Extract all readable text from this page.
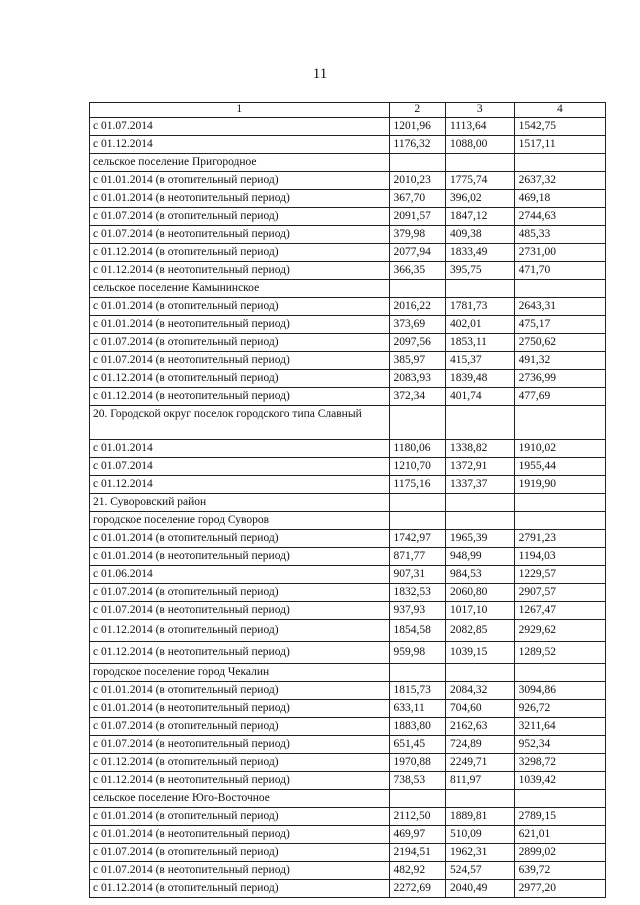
11
1	2	3	4
с 01.07.2014	1201,96	1113,64	1542,75
с 01.12.2014	1176,32	1088,00	1517,11
сельское поселение Пригородное			
с 01.01.2014 (в отопительный период)	2010,23	1775,74	2637,32
с 01.01.2014 (в неотопительный период)	367,70	396,02	469,18
с 01.07.2014 (в отопительный период)	2091,57	1847,12	2744,63
с 01.07.2014 (в неотопительный период)	379,98	409,38	485,33
с 01.12.2014 (в отопительный период)	2077,94	1833,49	2731,00
с 01.12.2014 (в неотопительный период)	366,35	395,75	471,70
сельское поселение Камынинское			
с 01.01.2014 (в отопительный период)	2016,22	1781,73	2643,31
с 01.01.2014 (в неотопительный период)	373,69	402,01	475,17
с 01.07.2014 (в отопительный период)	2097,56	1853,11	2750,62
с 01.07.2014 (в неотопительный период)	385,97	415,37	491,32
с 01.12.2014 (в отопительный период)	2083,93	1839,48	2736,99
с 01.12.2014 (в неотопительный период)	372,34	401,74	477,69
20. Городской округ поселок городского типа Славный			
с 01.01.2014	1180,06	1338,82	1910,02
с 01.07.2014	1210,70	1372,91	1955,44
с 01.12.2014	1175,16	1337,37	1919,90
21. Суворовский район			
городское поселение город Суворов			
с 01.01.2014 (в отопительный период)	1742,97	1965,39	2791,23
с 01.01.2014 (в неотопительный период)	871,77	948,99	1194,03
с 01.06.2014	907,31	984,53	1229,57
с 01.07.2014 (в отопительный период)	1832,53	2060,80	2907,57
с 01.07.2014 (в неотопительный период)	937,93	1017,10	1267,47
с 01.12.2014 (в отопительный период)	1854,58	2082,85	2929,62
с 01.12.2014 (в неотопительный период)	959,98	1039,15	1289,52
городское поселение город Чекалин			
с 01.01.2014 (в отопительный период)	1815,73	2084,32	3094,86
с 01.01.2014 (в неотопительный период)	633,11	704,60	926,72
с 01.07.2014 (в отопительный период)	1883,80	2162,63	3211,64
с 01.07.2014 (в неотопительный период)	651,45	724,89	952,34
с 01.12.2014 (в отопительный период)	1970,88	2249,71	3298,72
с 01.12.2014 (в неотопительный период)	738,53	811,97	1039,42
сельское поселение Юго-Восточное			
с 01.01.2014 (в отопительный период)	2112,50	1889,81	2789,15
с 01.01.2014 (в неотопительный период)	469,97	510,09	621,01
с 01.07.2014 (в отопительный период)	2194,51	1962,31	2899,02
с 01.07.2014 (в неотопительный период)	482,92	524,57	639,72
с 01.12.2014 (в отопительный период)	2272,69	2040,49	2977,20
